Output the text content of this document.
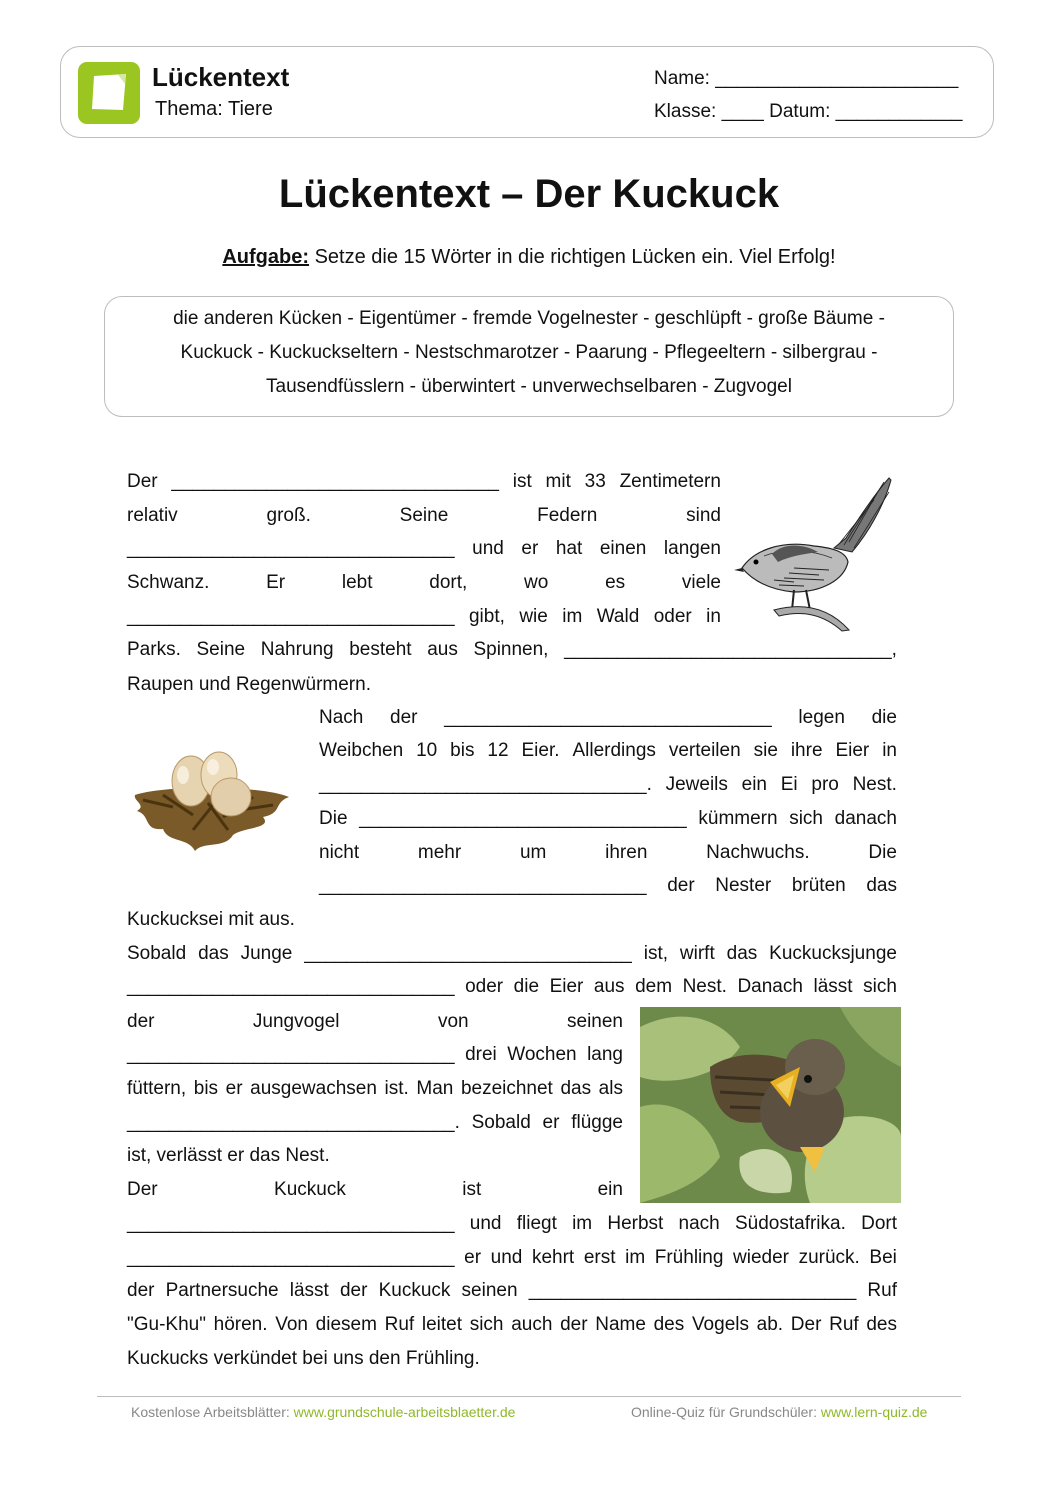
Lückentext
Thema: Tiere
Name: _______________________
Klasse: ____ Datum: ____________
Lückentext – Der Kuckuck
Aufgabe: Setze die 15 Wörter in die richtigen Lücken ein. Viel Erfolg!
die anderen Kücken - Eigentümer - fremde Vogelnester - geschlüpft - große Bäume -
Kuckuck - Kuckuckseltern - Nestschmarotzer - Paarung - Pflegeeltern - silbergrau -
Tausendfüsslern - überwintert - unverwechselbaren - Zugvogel
Der _______________________________ ist mit 33 Zentimetern
relativ	groß.	Seine	Federn	sind
_______________________________ und er hat einen langen
Schwanz.	Er	lebt	dort,	wo	es	viele
_______________________________ gibt, wie im Wald oder in
Parks. Seine Nahrung besteht aus Spinnen, _______________________________,
Raupen und Regenwürmern.
Nach der _______________________________ legen die
Weibchen 10 bis 12 Eier. Allerdings verteilen sie ihre Eier in
_______________________________. Jeweils ein Ei pro Nest.
Die _______________________________ kümmern sich danach
nicht	mehr	um	ihren	Nachwuchs.	Die
_______________________________ der Nester brüten das
Kuckucksei mit aus.
Sobald das Junge _______________________________ ist, wirft das Kuckucksjunge
_______________________________ oder die Eier aus dem Nest. Danach lässt sich
der	Jungvogel	von	seinen
_______________________________ drei Wochen lang
füttern, bis er ausgewachsen ist. Man bezeichnet das als
_______________________________. Sobald er flügge
ist, verlässt er das Nest.
Der	Kuckuck	ist	ein
_______________________________ und fliegt im Herbst nach Südostafrika. Dort
_______________________________ er und kehrt erst im Frühling wieder zurück. Bei
der Partnersuche lässt der Kuckuck seinen _______________________________ Ruf
"Gu-Khu" hören. Von diesem Ruf leitet sich auch der Name des Vogels ab. Der Ruf des
Kuckucks verkündet bei uns den Frühling.
Kostenlose Arbeitsblätter: www.grundschule-arbeitsblaetter.de	Online-Quiz für Grundschüler: www.lern-quiz.de
